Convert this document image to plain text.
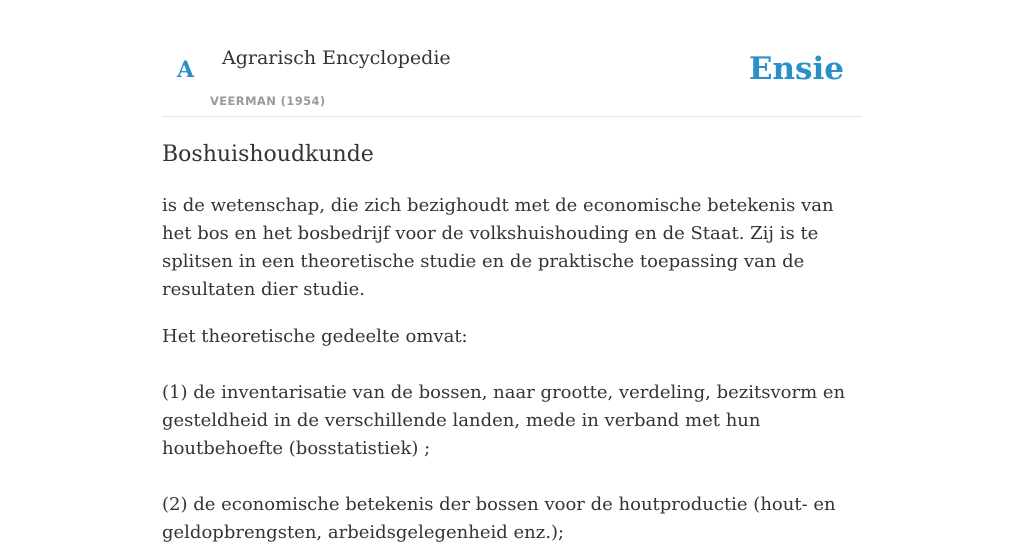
A Agrarisch Encyclopedie
VEERMAN (1954)
Ensie
Boshuishoudkunde

is de wetenschap, die zich bezighoudt met de economische betekenis van het bos en het bosbedrijf voor de volkshuishouding en de Staat. Zij is te splitsen in een theoretische studie en de praktische toepassing van de resultaten dier studie.

Het theoretische gedeelte omvat:

(1) de inventarisatie van de bossen, naar grootte, verdeling, bezitsvorm en gesteldheid in de verschillende landen, mede in verband met hun houtbehoefte (bosstatistiek) ;

(2) de economische betekenis der bossen voor de houtproductie (hout- en geldopbrengsten, arbeidsgelegenheid enz.);
